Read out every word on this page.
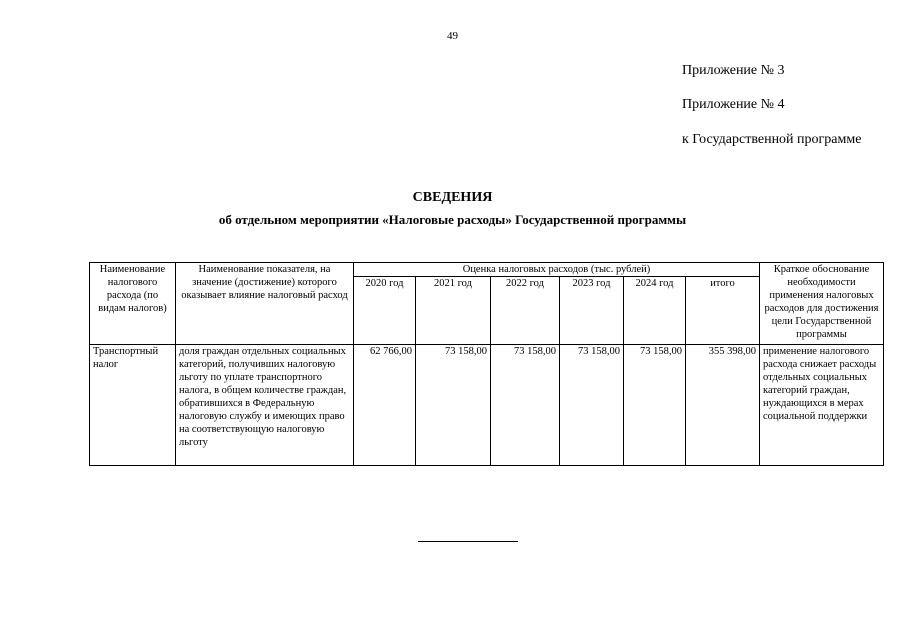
49
Приложение № 3
Приложение № 4
к Государственной программе
СВЕДЕНИЯ
об отдельном мероприятии «Налоговые расходы» Государственной программы
Наименование налогового расхода (по видам налогов)	Наименование показателя, на значение (достижение) которого оказывает влияние налоговый расход	Оценка налоговых расходов (тыс. рублей)						Краткое обоснование необходимости применения налоговых расходов для достижения цели Государственной программы
		2020 год	2021 год	2022 год	2023 год	2024 год	итого	
Транспортный налог	доля граждан отдельных социальных категорий, получивших налоговую льготу по уплате транспортного налога, в общем количестве граждан, обратившихся в Федеральную налоговую службу и имеющих право на соответствующую налоговую льготу	62 766,00	73 158,00	73 158,00	73 158,00	73 158,00	355 398,00	применение налогового расхода снижает расходы отдельных социальных категорий граждан, нуждающихся в мерах социальной поддержки
